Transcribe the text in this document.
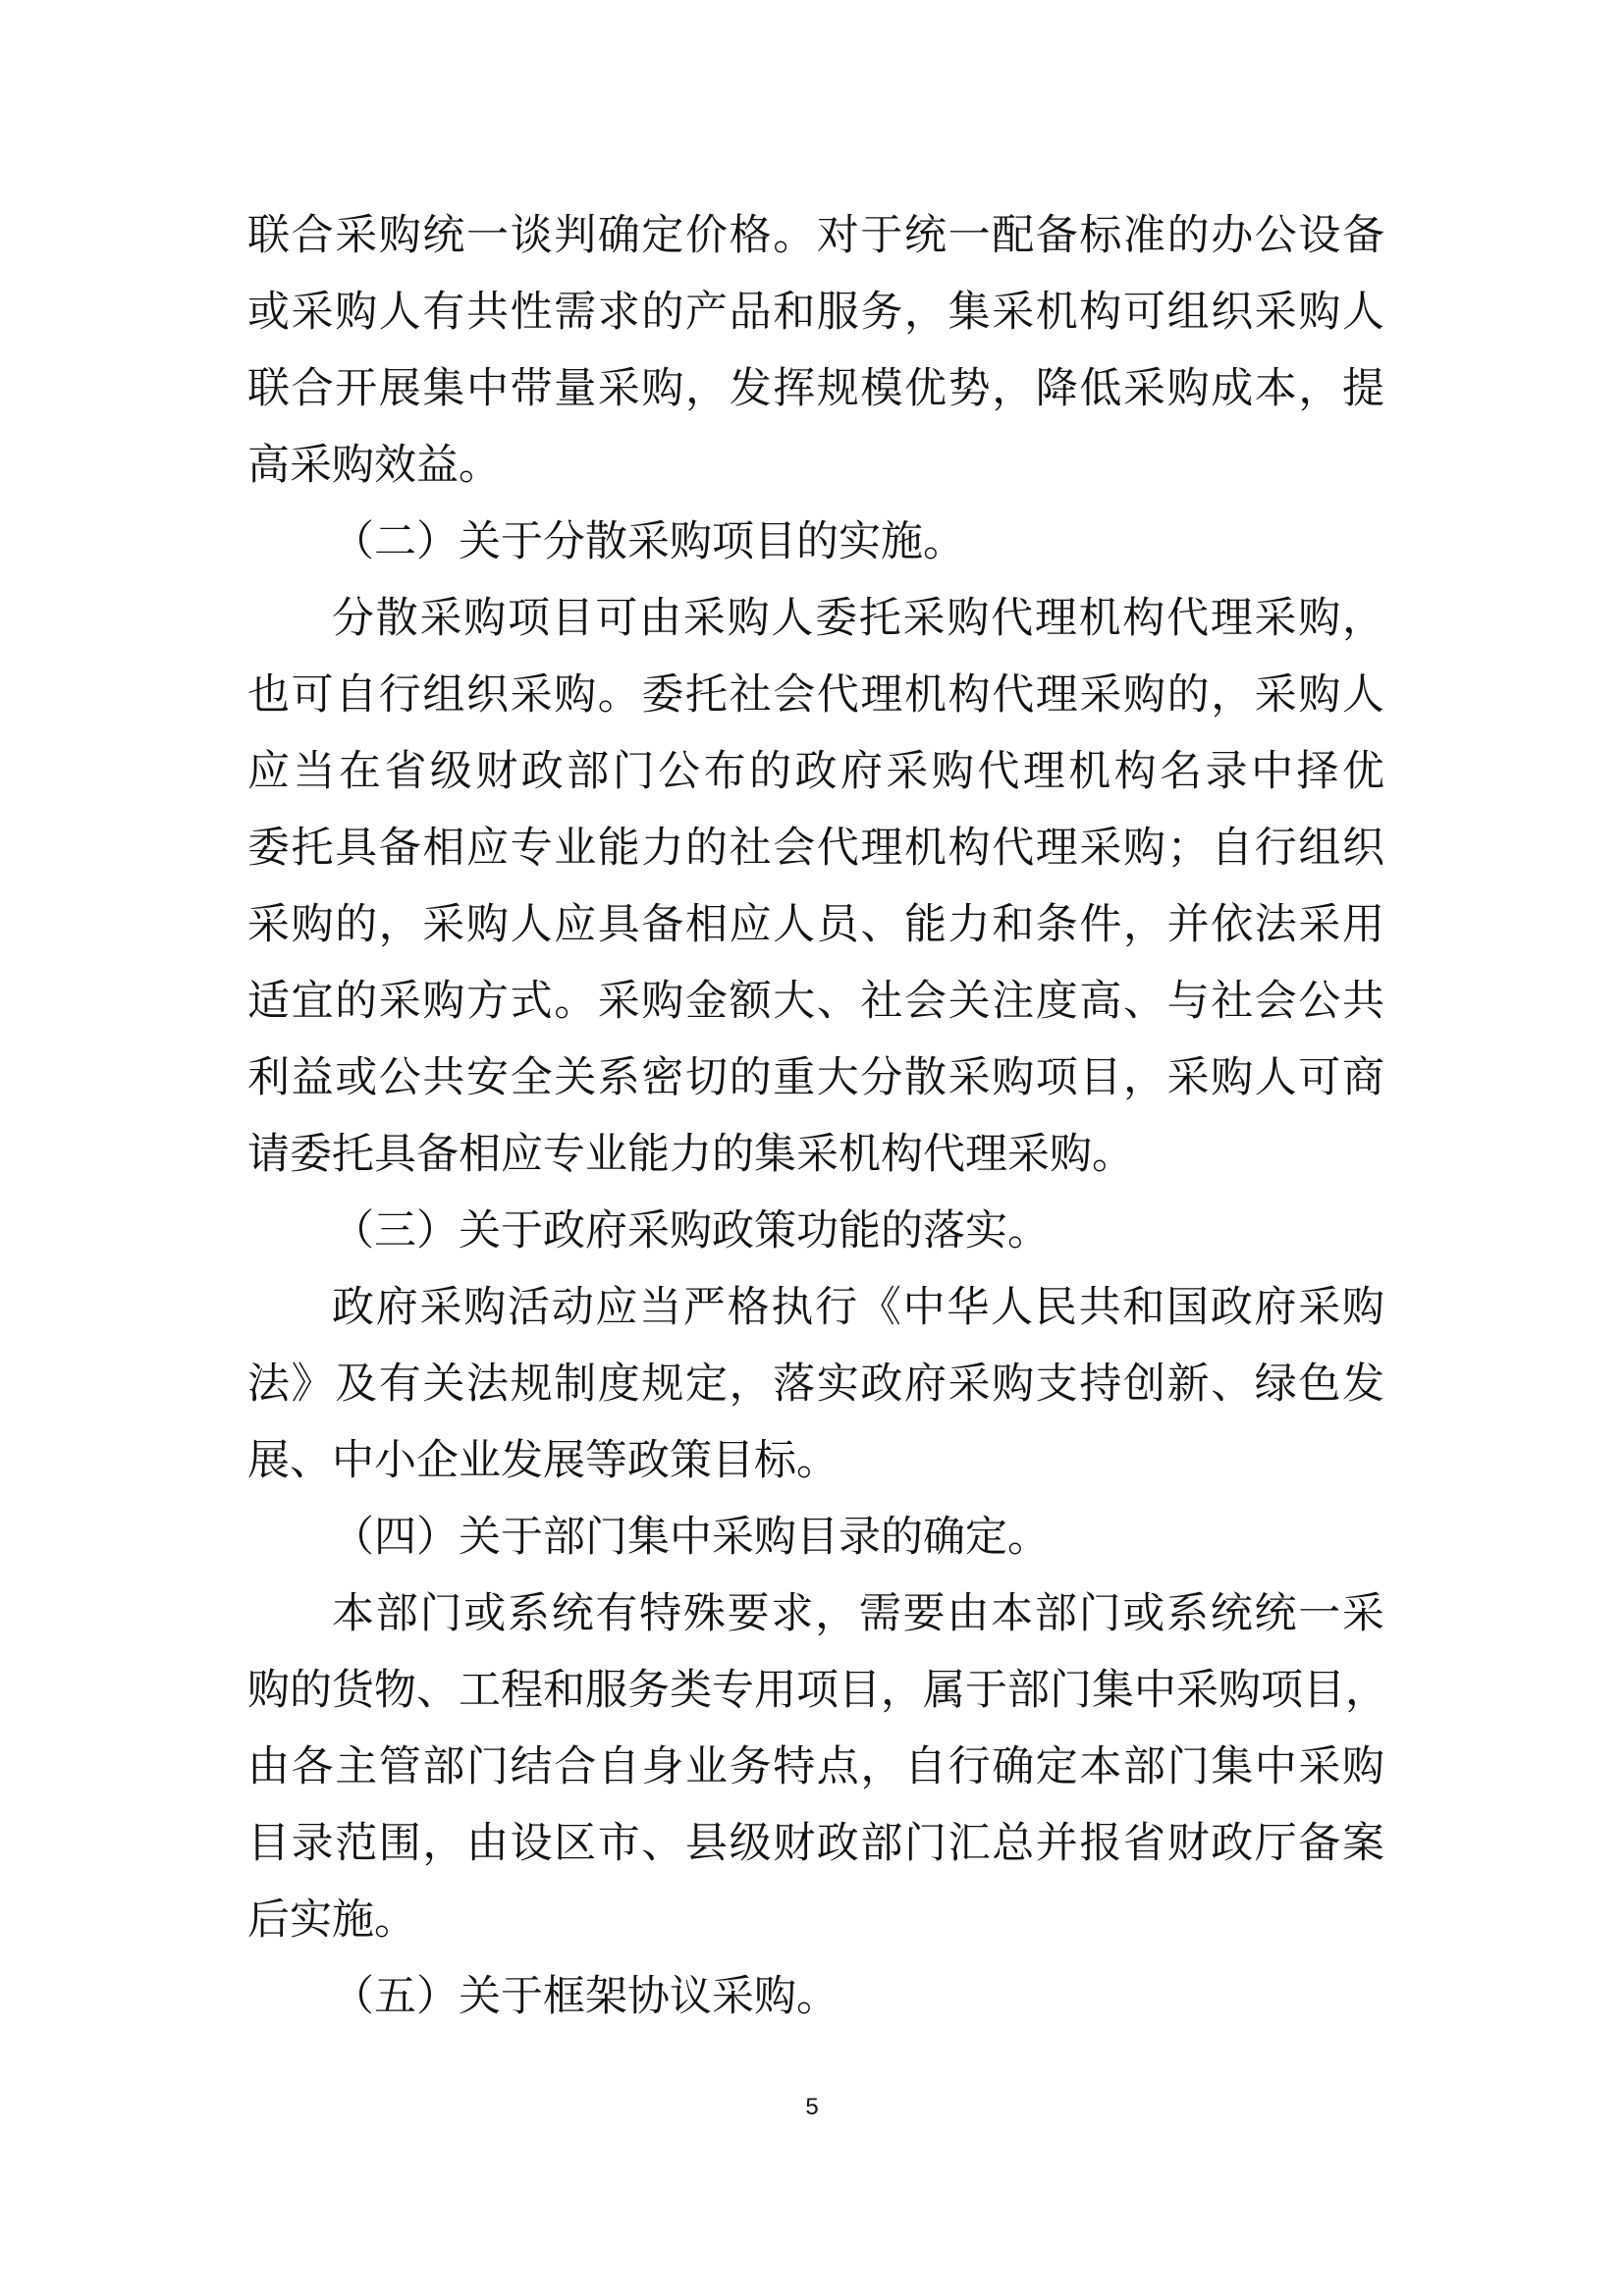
联合采购统一谈判确定价格。对于统一配备标准的办公设备
或采购人有共性需求的产品和服务，集采机构可组织采购人
联合开展集中带量采购，发挥规模优势，降低采购成本，提
高采购效益。
（二）关于分散采购项目的实施。
分散采购项目可由采购人委托采购代理机构代理采购，
也可自行组织采购。委托社会代理机构代理采购的，采购人
应当在省级财政部门公布的政府采购代理机构名录中择优
委托具备相应专业能力的社会代理机构代理采购；自行组织
采购的，采购人应具备相应人员、能力和条件，并依法采用
适宜的采购方式。采购金额大、社会关注度高、与社会公共
利益或公共安全关系密切的重大分散采购项目，采购人可商
请委托具备相应专业能力的集采机构代理采购。
（三）关于政府采购政策功能的落实。
政府采购活动应当严格执行《中华人民共和国政府采购
法》及有关法规制度规定，落实政府采购支持创新、绿色发
展、中小企业发展等政策目标。
（四）关于部门集中采购目录的确定。
本部门或系统有特殊要求，需要由本部门或系统统一采
购的货物、工程和服务类专用项目，属于部门集中采购项目，
由各主管部门结合自身业务特点，自行确定本部门集中采购
目录范围，由设区市、县级财政部门汇总并报省财政厅备案
后实施。
（五）关于框架协议采购。
5
